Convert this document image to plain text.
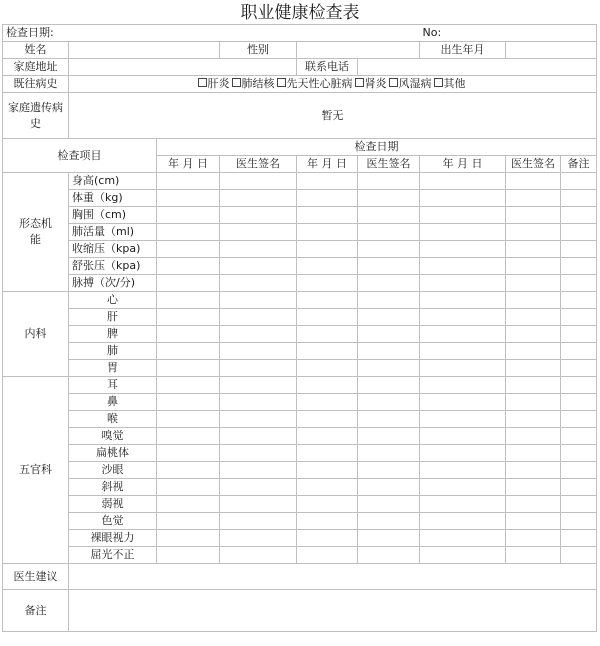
职业健康检查表
检查日期:						No:		
姓名			性别			出生年月		
家庭地址				联系电话				
既往病史	肝炎 肺结核 先天性心脏病 肾炎 风湿病 其他							
家庭遗传病史	暂无							
检查项目		检查日期						
		年 月 日	医生签名	年 月 日	医生签名	年 月 日	医生签名	备注
形态机能	身高(cm)							
	体重（kg)							
	胸围（cm)							
	肺活量（ml)							
	收缩压（kpa)							
	舒张压（kpa)							
	脉搏（次/分)							
内科	心							
	肝							
	脾							
	肺							
	胃							
五官科	耳							
	鼻							
	喉							
	嗅觉							
	扁桃体							
	沙眼							
	斜视							
	弱视							
	色觉							
	裸眼视力							
	屈光不正							
医生建议								
备注								
